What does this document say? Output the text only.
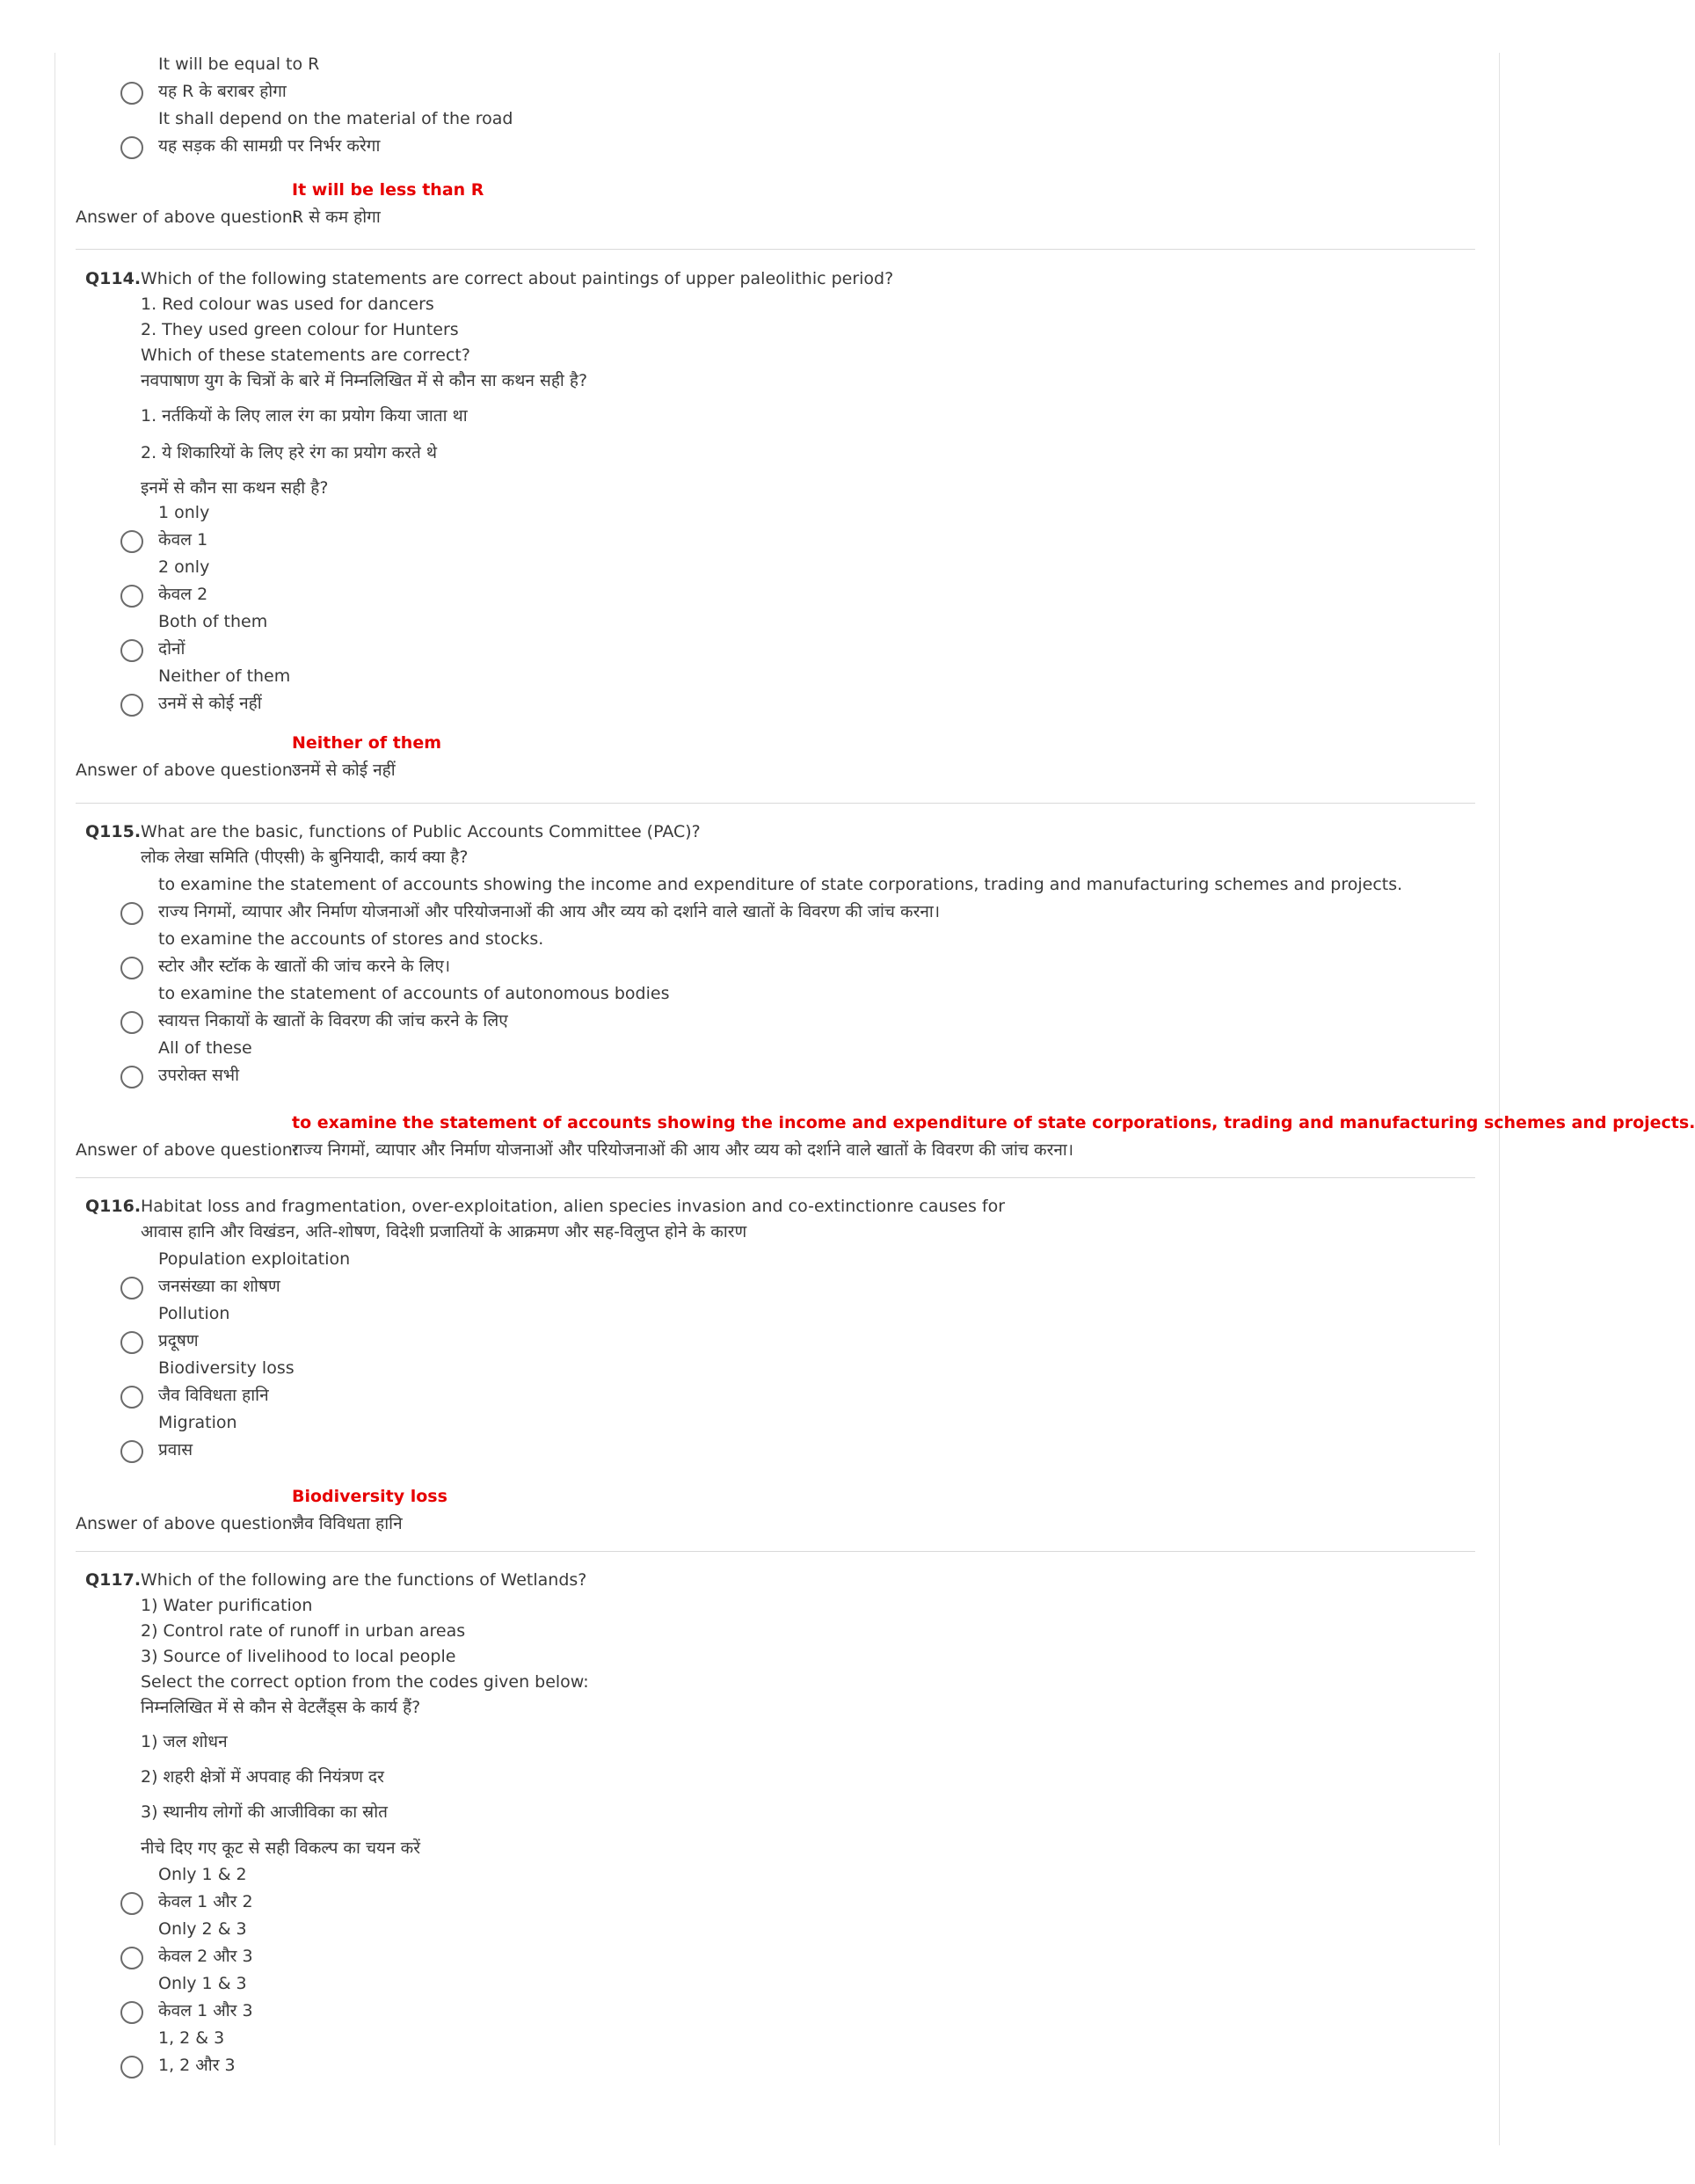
It will be equal to R
यह R के बराबर होगा
It shall depend on the material of the road
यह सड़क की सामग्री पर निर्भर करेगा
It will be less than R
Answer of above question:
R से कम होगा
Q114. Which of the following statements are correct about paintings of upper paleolithic period?
1. Red colour was used for dancers
2. They used green colour for Hunters
Which of these statements are correct?
नवपाषाण युग के चित्रों के बारे में निम्नलिखित में से कौन सा कथन सही है?
1. नर्तकियों के लिए लाल रंग का प्रयोग किया जाता था
2. ये शिकारियों के लिए हरे रंग का प्रयोग करते थे
इनमें से कौन सा कथन सही है?
1 only
केवल 1
2 only
केवल 2
Both of them
दोनों
Neither of them
उनमें से कोई नहीं
Neither of them
Answer of above question:
उनमें से कोई नहीं
Q115. What are the basic, functions of Public Accounts Committee (PAC)?
लोक लेखा समिति (पीएसी) के बुनियादी, कार्य क्या है?
to examine the statement of accounts showing the income and expenditure of state corporations, trading and manufacturing schemes and projects.
राज्य निगमों, व्यापार और निर्माण योजनाओं और परियोजनाओं की आय और व्यय को दर्शाने वाले खातों के विवरण की जांच करना।
to examine the accounts of stores and stocks.
स्टोर और स्टॉक के खातों की जांच करने के लिए।
to examine the statement of accounts of autonomous bodies
स्वायत्त निकायों के खातों के विवरण की जांच करने के लिए
All of these
उपरोक्त सभी
to examine the statement of accounts showing the income and expenditure of state corporations, trading and manufacturing schemes and projects.
Answer of above question:
राज्य निगमों, व्यापार और निर्माण योजनाओं और परियोजनाओं की आय और व्यय को दर्शाने वाले खातों के विवरण की जांच करना।
Q116. Habitat loss and fragmentation, over-exploitation, alien species invasion and co-extinctionre causes for
आवास हानि और विखंडन, अति-शोषण, विदेशी प्रजातियों के आक्रमण और सह-विलुप्त होने के कारण
Population exploitation
जनसंख्या का शोषण
Pollution
प्रदूषण
Biodiversity loss
जैव विविधता हानि
Migration
प्रवास
Biodiversity loss
Answer of above question:
जैव विविधता हानि
Q117. Which of the following are the functions of Wetlands?
1) Water purification
2) Control rate of runoff in urban areas
3) Source of livelihood to local people
Select the correct option from the codes given below:
निम्नलिखित में से कौन से वेटलैंड्स के कार्य हैं?
1) जल शोधन
2) शहरी क्षेत्रों में अपवाह की नियंत्रण दर
3) स्थानीय लोगों की आजीविका का स्रोत
नीचे दिए गए कूट से सही विकल्प का चयन करें
Only 1 & 2
केवल 1 और 2
Only 2 & 3
केवल 2 और 3
Only 1 & 3
केवल 1 और 3
1, 2 & 3
1, 2 और 3
